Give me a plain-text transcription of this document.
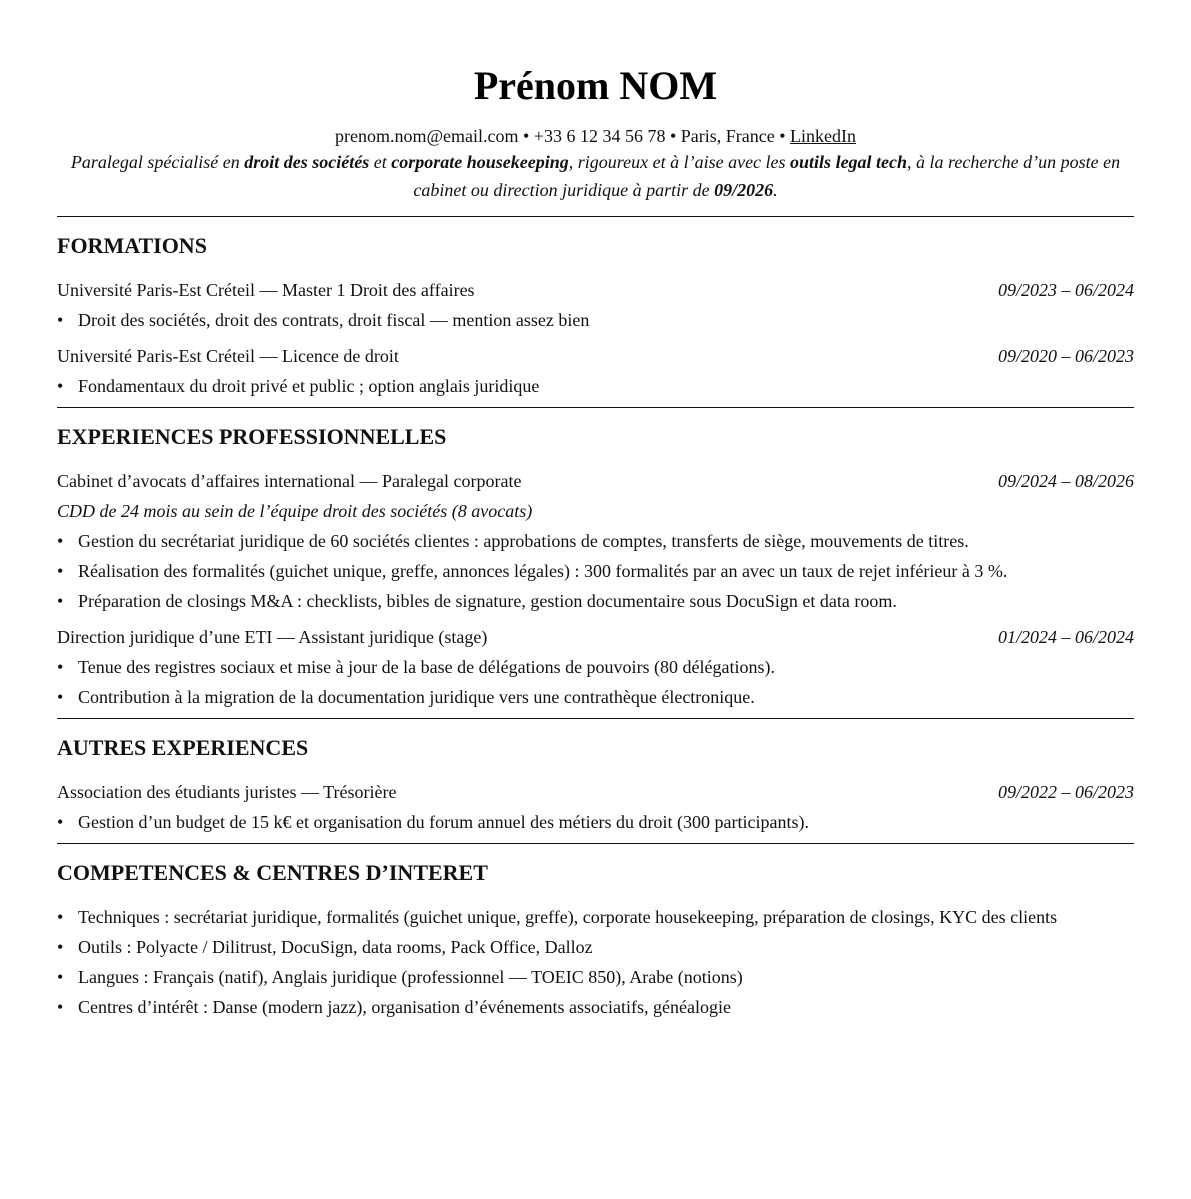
Prénom NOM
prenom.nom@email.com • +33 6 12 34 56 78 • Paris, France • LinkedIn
Paralegal spécialisé en droit des sociétés et corporate housekeeping, rigoureux et à l’aise avec les outils legal tech, à la recherche d’un poste en cabinet ou direction juridique à partir de 09/2026.
FORMATIONS
Université Paris-Est Créteil — Master 1 Droit des affaires	09/2023 – 06/2024
• Droit des sociétés, droit des contrats, droit fiscal — mention assez bien
Université Paris-Est Créteil — Licence de droit	09/2020 – 06/2023
• Fondamentaux du droit privé et public ; option anglais juridique
EXPERIENCES PROFESSIONNELLES
Cabinet d’avocats d’affaires international — Paralegal corporate	09/2024 – 08/2026
CDD de 24 mois au sein de l’équipe droit des sociétés (8 avocats)
• Gestion du secrétariat juridique de 60 sociétés clientes : approbations de comptes, transferts de siège, mouvements de titres.
• Réalisation des formalités (guichet unique, greffe, annonces légales) : 300 formalités par an avec un taux de rejet inférieur à 3 %.
• Préparation de closings M&A : checklists, bibles de signature, gestion documentaire sous DocuSign et data room.
Direction juridique d’une ETI — Assistant juridique (stage)	01/2024 – 06/2024
• Tenue des registres sociaux et mise à jour de la base de délégations de pouvoirs (80 délégations).
• Contribution à la migration de la documentation juridique vers une contrathèque électronique.
AUTRES EXPERIENCES
Association des étudiants juristes — Trésorière	09/2022 – 06/2023
• Gestion d’un budget de 15 k€ et organisation du forum annuel des métiers du droit (300 participants).
COMPETENCES & CENTRES D’INTERET
• Techniques : secrétariat juridique, formalités (guichet unique, greffe), corporate housekeeping, préparation de closings, KYC des clients
• Outils : Polyacte / Dilitrust, DocuSign, data rooms, Pack Office, Dalloz
• Langues : Français (natif), Anglais juridique (professionnel — TOEIC 850), Arabe (notions)
• Centres d’intérêt : Danse (modern jazz), organisation d’événements associatifs, généalogie
